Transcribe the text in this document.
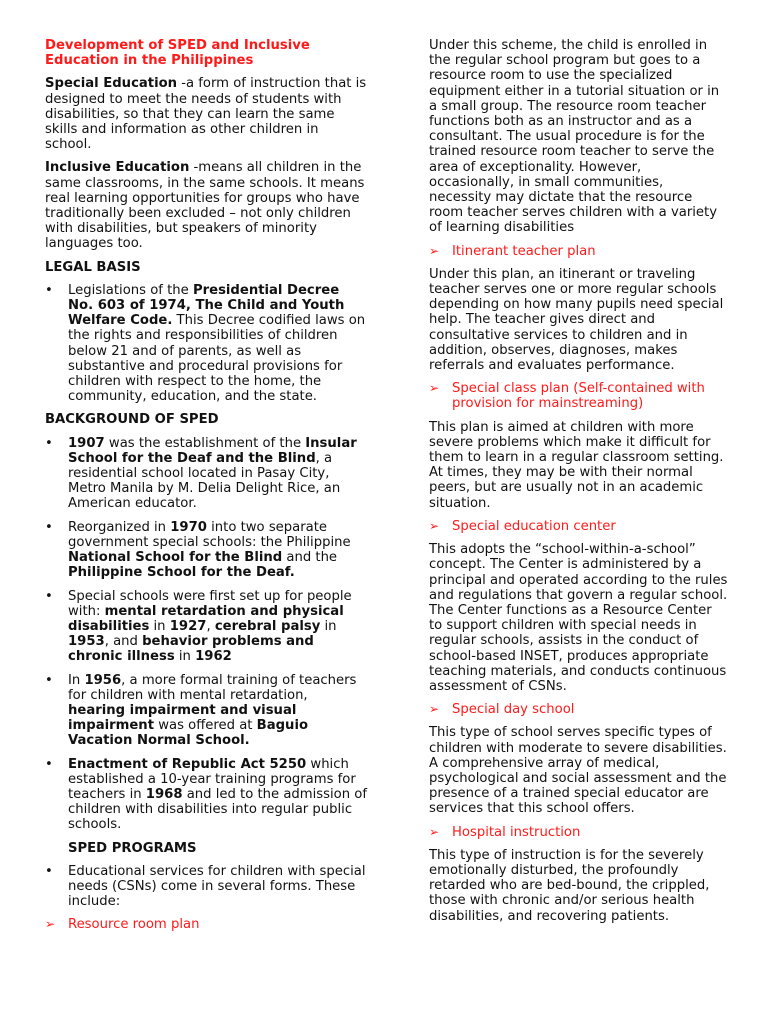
Development of SPED and Inclusive Education in the Philippines

Special Education -a form of instruction that is designed to meet the needs of students with disabilities, so that they can learn the same skills and information as other children in school.

Inclusive Education -means all children in the same classrooms, in the same schools. It means real learning opportunities for groups who have traditionally been excluded – not only children with disabilities, but speakers of minority languages too.

LEGAL BASIS
• Legislations of the Presidential Decree No. 603 of 1974, The Child and Youth Welfare Code. This Decree codified laws on the rights and responsibilities of children below 21 and of parents, as well as substantive and procedural provisions for children with respect to the home, the community, education, and the state.
BACKGROUND OF SPED
• 1907 was the establishment of the Insular School for the Deaf and the Blind, a residential school located in Pasay City, Metro Manila by M. Delia Delight Rice, an American educator.
• Reorganized in 1970 into two separate government special schools: the Philippine National School for the Blind and the Philippine School for the Deaf.
• Special schools were first set up for people with: mental retardation and physical disabilities in 1927, cerebral palsy in 1953, and behavior problems and chronic illness in 1962
• In 1956, a more formal training of teachers for children with mental retardation, hearing impairment and visual impairment was offered at Baguio Vacation Normal School.
• Enactment of Republic Act 5250 which established a 10-year training programs for teachers in 1968 and led to the admission of children with disabilities into regular public schools.
SPED PROGRAMS
• Educational services for children with special needs (CSNs) come in several forms. These include:
➢ Resource room plan

Under this scheme, the child is enrolled in the regular school program but goes to a resource room to use the specialized equipment either in a tutorial situation or in a small group. The resource room teacher functions both as an instructor and as a consultant. The usual procedure is for the trained resource room teacher to serve the area of exceptionality. However, occasionally, in small communities, necessity may dictate that the resource room teacher serves children with a variety of learning disabilities

➢ Itinerant teacher plan

Under this plan, an itinerant or traveling teacher serves one or more regular schools depending on how many pupils need special help. The teacher gives direct and consultative services to children and in addition, observes, diagnoses, makes referrals and evaluates performance.

➢ Special class plan (Self-contained with provision for mainstreaming)

This plan is aimed at children with more severe problems which make it difficult for them to learn in a regular classroom setting. At times, they may be with their normal peers, but are usually not in an academic situation.

➢ Special education center

This adopts the “school-within-a-school” concept. The Center is administered by a principal and operated according to the rules and regulations that govern a regular school. The Center functions as a Resource Center to support children with special needs in regular schools, assists in the conduct of school-based INSET, produces appropriate teaching materials, and conducts continuous assessment of CSNs.

➢ Special day school

This type of school serves specific types of children with moderate to severe disabilities. A comprehensive array of medical, psychological and social assessment and the presence of a trained special educator are services that this school offers.

➢ Hospital instruction

This type of instruction is for the severely emotionally disturbed, the profoundly retarded who are bed-bound, the crippled, those with chronic and/or serious health disabilities, and recovering patients.
